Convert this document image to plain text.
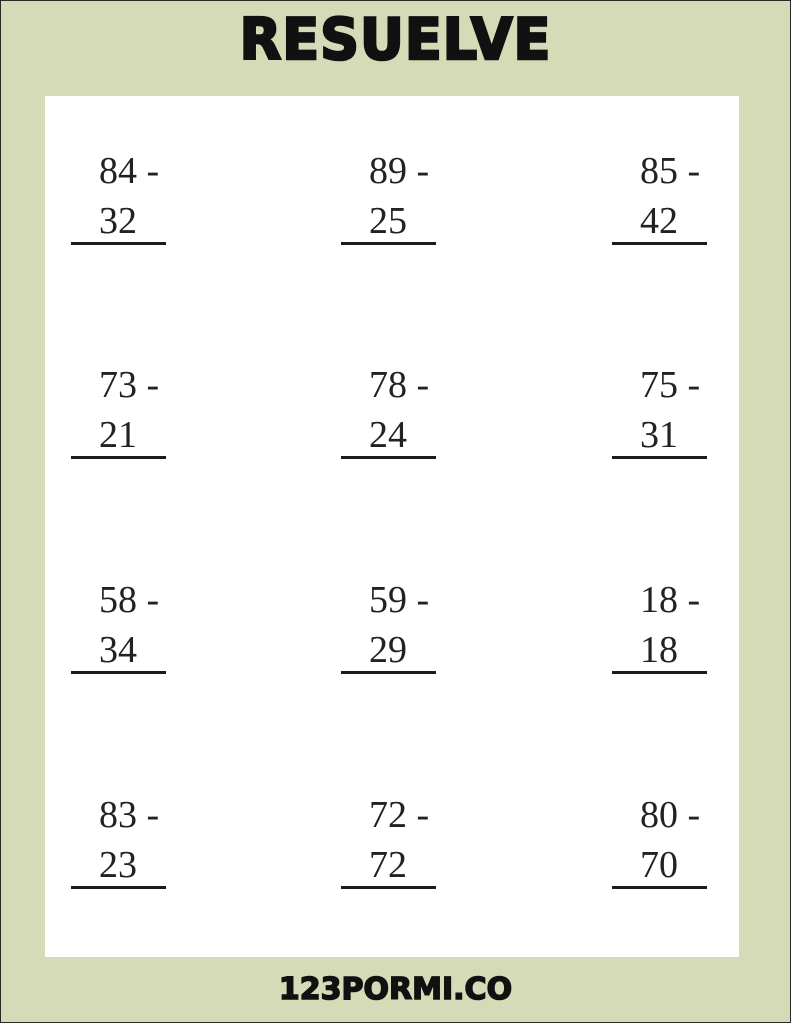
RESUELVE
84 -
32
89 -
25
85 -
42
73 -
21
78 -
24
75 -
31
58 -
34
59 -
29
18 -
18
83 -
23
72 -
72
80 -
70
123PORMI.CO
